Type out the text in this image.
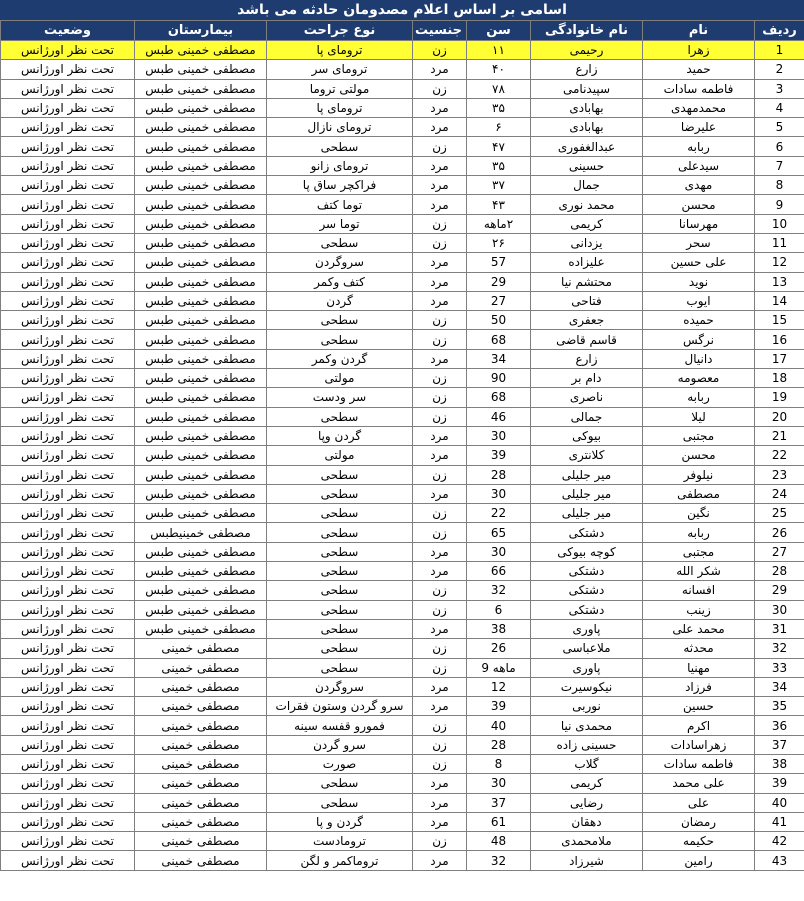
اسامی بر اساس اعلام مصدومان حادثه می باشد
ردیف	نام	نام خانوادگی	سن	جنسیت	نوع جراحت	بیمارستان	وضعیت
1	زهرا	رحیمی	۱۱	زن	ترومای پا	مصطفی خمینی طبس	تحت نظر اورژانس
2	حمید	زارع	۴۰	مرد	ترومای سر	مصطفی خمینی طبس	تحت نظر اورژانس
3	فاطمه سادات	سپیدنامی	۷۸	زن	مولتی تروما	مصطفی خمینی طبس	تحت نظر اورژانس
4	محمدمهدی	بهابادی	۳۵	مرد	ترومای پا	مصطفی خمینی طبس	تحت نظر اورژانس
5	علیرضا	بهابادی	۶	مرد	ترومای نازال	مصطفی خمینی طبس	تحت نظر اورژانس
6	ربابه	عبدالغفوری	۴۷	زن	سطحی	مصطفی خمینی طبس	تحت نظر اورژانس
7	سیدعلی	حسینی	۳۵	مرد	ترومای زانو	مصطفی خمینی طبس	تحت نظر اورژانس
8	مهدی	جمال	۳۷	مرد	فراکچر ساق پا	مصطفی خمینی طبس	تحت نظر اورژانس
9	محسن	محمد نوری	۴۳	مرد	توما کتف	مصطفی خمینی طبس	تحت نظر اورژانس
10	مهرسانا	کریمی	۲ماهه	زن	توما سر	مصطفی خمینی طبس	تحت نظر اورژانس
11	سحر	یزدانی	۲۶	زن	سطحی	مصطفی خمینی طبس	تحت نظر اورژانس
12	علی حسین	علیزاده	57	مرد	سروگردن	مصطفی خمینی طبس	تحت نظر اورژانس
13	نوید	محتشم نیا	29	مرد	کتف وکمر	مصطفی خمینی طبس	تحت نظر اورژانس
14	ایوب	فتاحی	27	مرد	گردن	مصطفی خمینی طبس	تحت نظر اورژانس
15	حمیده	جعفری	50	زن	سطحی	مصطفی خمینی طبس	تحت نظر اورژانس
16	نرگس	قاسم قاضی	68	زن	سطحی	مصطفی خمینی طبس	تحت نظر اورژانس
17	دانیال	زارع	34	مرد	گردن وکمر	مصطفی خمینی طبس	تحت نظر اورژانس
18	معصومه	دام بر	90	زن	مولتی	مصطفی خمینی طبس	تحت نظر اورژانس
19	ربابه	ناصری	68	زن	سر ودست	مصطفی خمینی طبس	تحت نظر اورژانس
20	لیلا	جمالی	46	زن	سطحی	مصطفی خمینی طبس	تحت نظر اورژانس
21	مجتبی	بیوکی	30	مرد	گردن وپا	مصطفی خمینی طبس	تحت نظر اورژانس
22	محسن	کلانتری	39	مرد	مولتی	مصطفی خمینی طبس	تحت نظر اورژانس
23	نیلوفر	میر جلیلی	28	زن	سطحی	مصطفی خمینی طبس	تحت نظر اورژانس
24	مصطفی	میر جلیلی	30	مرد	سطحی	مصطفی خمینی طبس	تحت نظر اورژانس
25	نگین	میر جلیلی	22	زن	سطحی	مصطفی خمینی طبس	تحت نظر اورژانس
26	ربابه	دشتکی	65	زن	سطحی	مصطفی خمینیطبس	تحت نظر اورژانس
27	مجتبی	کوچه بیوکی	30	مرد	سطحی	مصطفی خمینی طبس	تحت نظر اورژانس
28	شکر الله	دشتکی	66	مرد	سطحی	مصطفی خمینی طبس	تحت نظر اورژانس
29	افسانه	دشتکی	32	زن	سطحی	مصطفی خمینی طبس	تحت نظر اورژانس
30	زینب	دشتکی	6	زن	سطحی	مصطفی خمینی طبس	تحت نظر اورژانس
31	محمد علی	پاوری	38	مرد	سطحی	مصطفی خمینی طبس	تحت نظر اورژانس
32	محدثه	ملاعباسی	26	زن	سطحی	مصطفی خمینی	تحت نظر اورژانس
33	مهنیا	پاوری	ماهه 9	زن	سطحی	مصطفی خمینی	تحت نظر اورژانس
34	فرزاد	نیکوسیرت	12	مرد	سروگردن	مصطفی خمینی	تحت نظر اورژانس
35	حسین	نوربی	39	مرد	سرو گردن وستون فقرات	مصطفی خمینی	تحت نظر اورژانس
36	اکرم	محمدی نیا	40	زن	فمورو قفسه سینه	مصطفی خمینی	تحت نظر اورژانس
37	زهراسادات	حسینی زاده	28	زن	سرو گردن	مصطفی خمینی	تحت نظر اورژانس
38	فاطمه سادات	گلاب	8	زن	صورت	مصطفی خمینی	تحت نظر اورژانس
39	علی محمد	کریمی	30	مرد	سطحی	مصطفی خمینی	تحت نظر اورژانس
40	علی	رضایی	37	مرد	سطحی	مصطفی خمینی	تحت نظر اورژانس
41	رمضان	دهقان	61	مرد	گردن و پا	مصطفی خمینی	تحت نظر اورژانس
42	حکیمه	ملامحمدی	48	زن	ترومادست	مصطفی خمینی	تحت نظر اورژانس
43	رامین	شیرزاد	32	مرد	تروماکمر و لگن	مصطفی خمینی	تحت نظر اورژانس
